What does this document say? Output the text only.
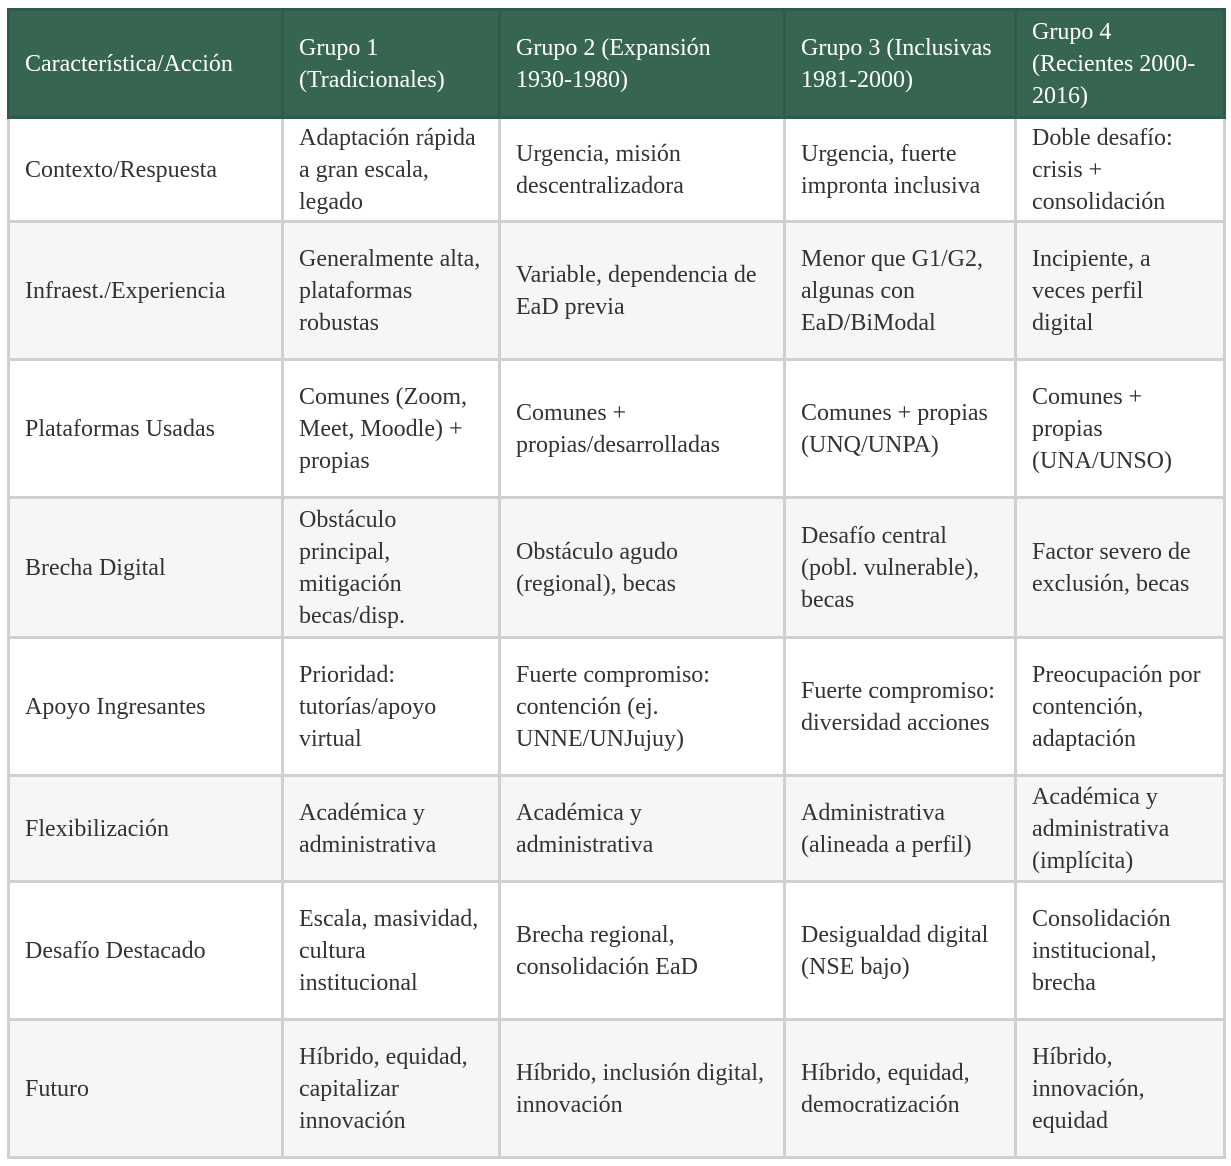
Característica/Acción	Grupo 1 (Tradicionales)	Grupo 2 (Expansión 1930-1980)	Grupo 3 (Inclusivas 1981-2000)	Grupo 4 (Recientes 2000-2016)
Contexto/Respuesta	Adaptación rápida a gran escala, legado	Urgencia, misión descentralizadora	Urgencia, fuerte impronta inclusiva	Doble desafío: crisis + consolidación
Infraest./Experiencia	Generalmente alta, plataformas robustas	Variable, dependencia de EaD previa	Menor que G1/G2, algunas con EaD/BiModal	Incipiente, a veces perfil digital
Plataformas Usadas	Comunes (Zoom, Meet, Moodle) + propias	Comunes + propias/desarrolladas	Comunes + propias (UNQ/UNPA)	Comunes + propias (UNA/UNSO)
Brecha Digital	Obstáculo principal, mitigación becas/disp.	Obstáculo agudo (regional), becas	Desafío central (pobl. vulnerable), becas	Factor severo de exclusión, becas
Apoyo Ingresantes	Prioridad: tutorías/apoyo virtual	Fuerte compromiso: contención (ej. UNNE/UNJujuy)	Fuerte compromiso: diversidad acciones	Preocupación por contención, adaptación
Flexibilización	Académica y administrativa	Académica y administrativa	Administrativa (alineada a perfil)	Académica y administrativa (implícita)
Desafío Destacado	Escala, masividad, cultura institucional	Brecha regional, consolidación EaD	Desigualdad digital (NSE bajo)	Consolidación institucional, brecha
Futuro	Híbrido, equidad, capitalizar innovación	Híbrido, inclusión digital, innovación	Híbrido, equidad, democratización	Híbrido, innovación, equidad
